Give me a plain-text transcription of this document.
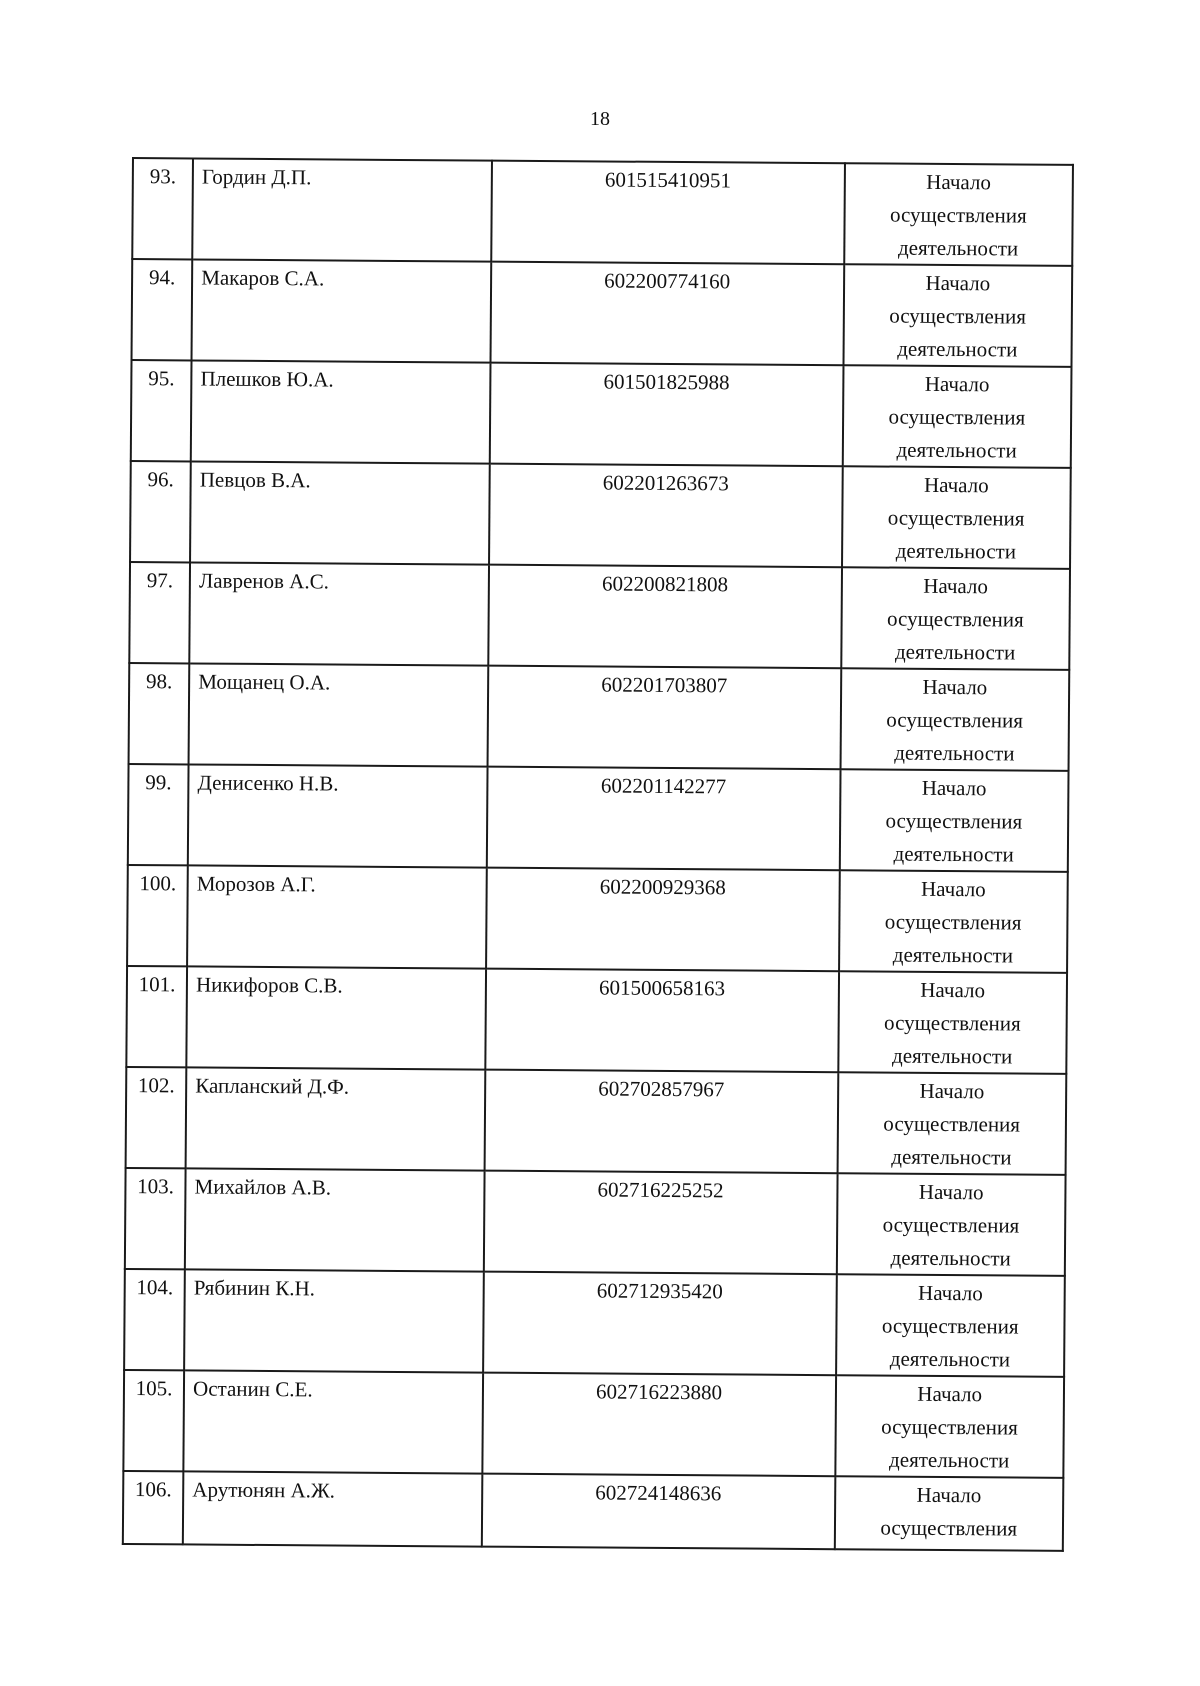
18
93.	Гордин Д.П.	601515410951	Начало
осуществления
деятельности

94.	Макаров С.А.	602200774160	Начало
осуществления
деятельности

95.	Плешков Ю.А.	601501825988	Начало
осуществления
деятельности

96.	Певцов В.А.	602201263673	Начало
осуществления
деятельности

97.	Лавренов А.С.	602200821808	Начало
осуществления
деятельности

98.	Мощанец О.А.	602201703807	Начало
осуществления
деятельности

99.	Денисенко Н.В.	602201142277	Начало
осуществления
деятельности

100.	Морозов А.Г.	602200929368	Начало
осуществления
деятельности

101.	Никифоров С.В.	601500658163	Начало
осуществления
деятельности

102.	Капланский Д.Ф.	602702857967	Начало
осуществления
деятельности

103.	Михайлов А.В.	602716225252	Начало
осуществления
деятельности

104.	Рябинин К.Н.	602712935420	Начало
осуществления
деятельности

105.	Останин С.Е.	602716223880	Начало
осуществления
деятельности

106.	Арутюнян А.Ж.	602724148636	Начало
осуществления
